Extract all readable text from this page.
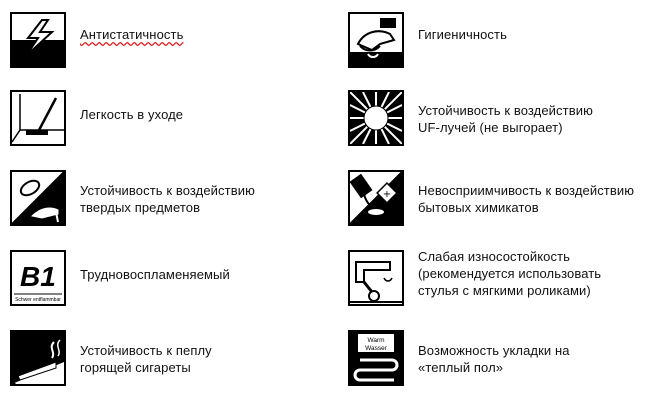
Антистатичность	Гигиеничность
Легкость в уходе	Устойчивость к воздействию
UF-лучей (не выгорает)
Устойчивость к воздействию
твердых предметов
+ Невосприимчивость к воздействию
бытовых химикатов
B1
Schwer entflammbar
Трудновоспламеняемый
Слабая износостойкость
(рекомендуется использовать
стулья с мягкими роликами)
Устойчивость к пеплу
горящей сигареты
Warm
Wasser Возможность укладки на
«теплый пол»
